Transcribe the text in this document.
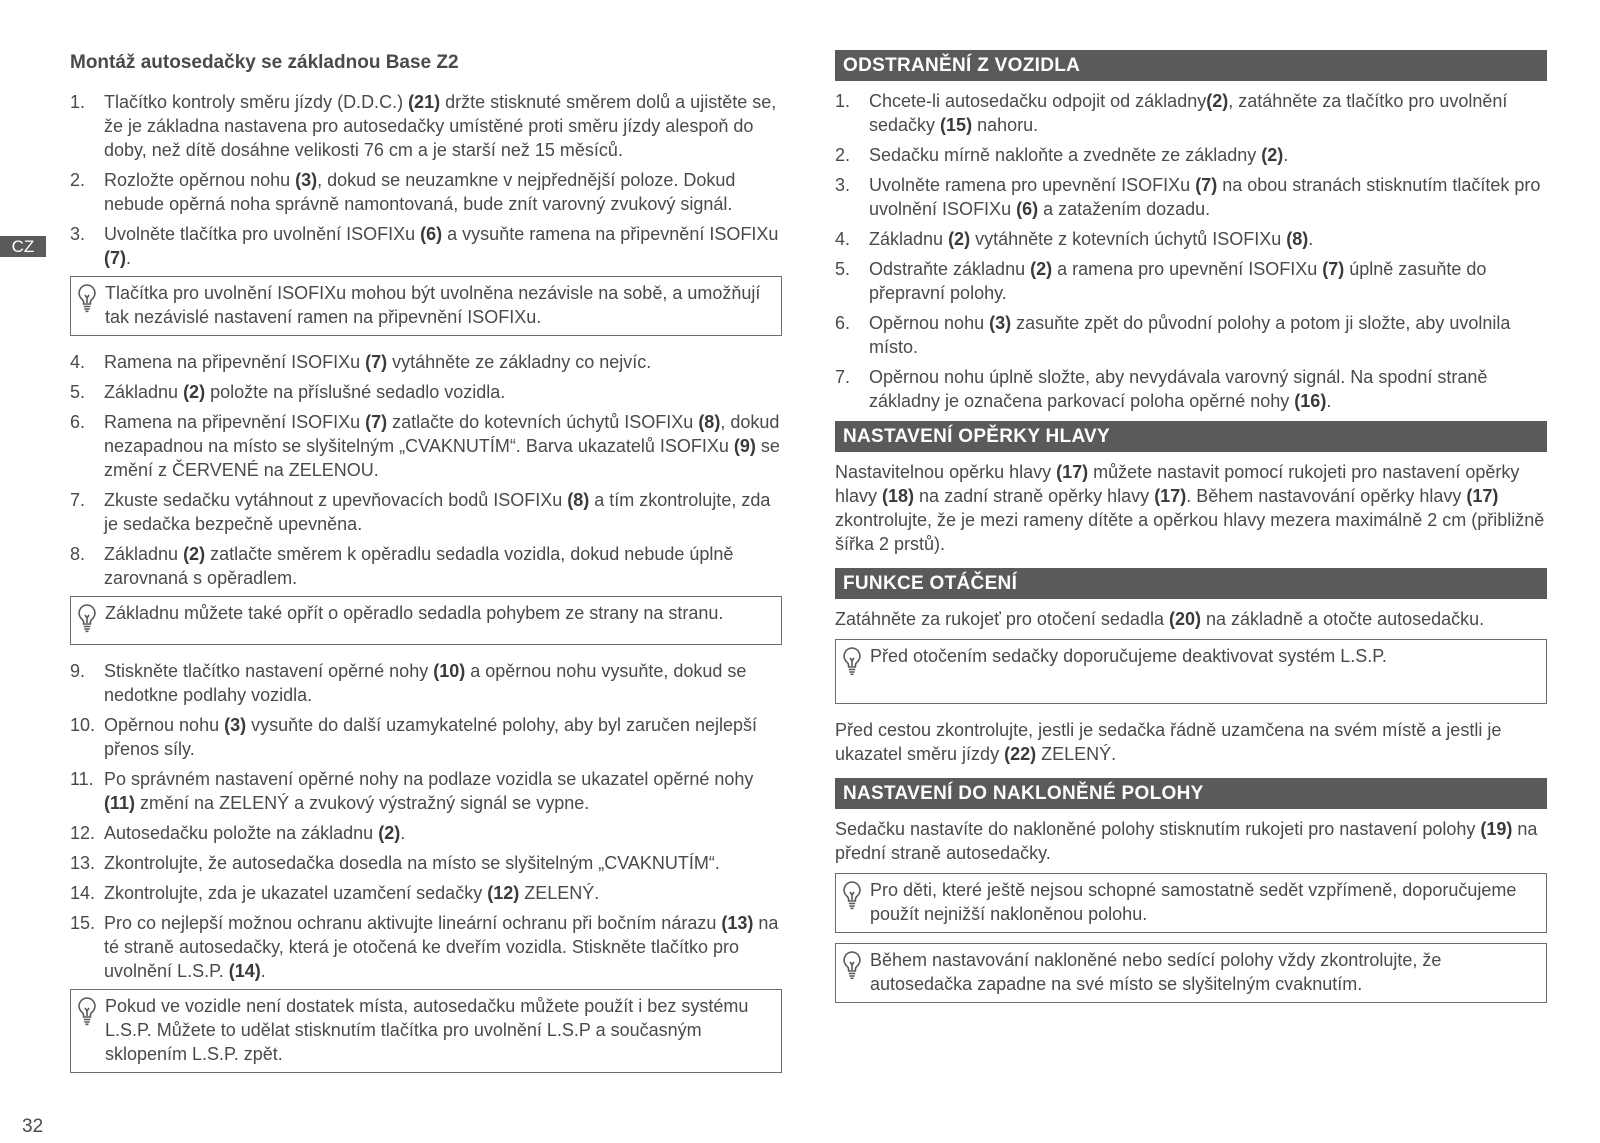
CZ
Montáž autosedačky se základnou Base Z2
1.	Tlačítko kontroly směru jízdy (D.D.C.) (21) držte stisknuté směrem dolů a ujistěte se, že je základna nastavena pro autosedačky umístěné proti směru jízdy alespoň do doby, než dítě dosáhne velikosti 76 cm a je starší než 15 měsíců.
2.	Rozložte opěrnou nohu (3), dokud se neuzamkne v nejpřednější poloze. Dokud nebude opěrná noha správně namontovaná, bude znít varovný zvukový signál.
3.	Uvolněte tlačítka pro uvolnění ISOFIXu (6) a vysuňte ramena na připevnění ISOFIXu (7).
Tlačítka pro uvolnění ISOFIXu mohou být uvolněna nezávisle na sobě, a umožňují tak nezávislé nastavení ramen na připevnění ISOFIXu.
4.	Ramena na připevnění ISOFIXu (7) vytáhněte ze základny co nejvíc.
5.	Základnu (2) položte na příslušné sedadlo vozidla.
6.	Ramena na připevnění ISOFIXu (7) zatlačte do kotevních úchytů ISOFIXu (8), dokud nezapadnou na místo se slyšitelným „CVAKNUTÍM“. Barva ukazatelů ISOFIXu (9) se změní z ČERVENÉ na ZELENOU.
7.	Zkuste sedačku vytáhnout z upevňovacích bodů ISOFIXu (8) a tím zkontrolujte, zda je sedačka bezpečně upevněna.
8.	Základnu (2) zatlačte směrem k opěradlu sedadla vozidla, dokud nebude úplně zarovnaná s opěradlem.
Základnu můžete také opřít o opěradlo sedadla pohybem ze strany na stranu.
9.	Stiskněte tlačítko nastavení opěrné nohy (10) a opěrnou nohu vysuňte, dokud se nedotkne podlahy vozidla.
10. Opěrnou nohu (3) vysuňte do další uzamykatelné polohy, aby byl zaručen nejlepší přenos síly.
11. Po správném nastavení opěrné nohy na podlaze vozidla se ukazatel opěrné nohy (11) změní na ZELENÝ a zvukový výstražný signál se vypne.
12. Autosedačku položte na základnu (2).
13. Zkontrolujte, že autosedačka dosedla na místo se slyšitelným „CVAKNUTÍM“.
14. Zkontrolujte, zda je ukazatel uzamčení sedačky (12) ZELENÝ.
15. Pro co nejlepší možnou ochranu aktivujte lineární ochranu při bočním nárazu (13) na té straně autosedačky, která je otočená ke dveřím vozidla. Stiskněte tlačítko pro uvolnění L.S.P. (14).
Pokud ve vozidle není dostatek místa, autosedačku můžete použít i bez systému L.S.P. Můžete to udělat stisknutím tlačítka pro uvolnění L.S.P a současným sklopením L.S.P. zpět.
ODSTRANĚNÍ Z VOZIDLA
1.	Chcete-li autosedačku odpojit od základny(2), zatáhněte za tlačítko pro uvolnění sedačky (15) nahoru.
2.	Sedačku mírně nakloňte a zvedněte ze základny (2).
3.	Uvolněte ramena pro upevnění ISOFIXu (7) na obou stranách stisknutím tlačítek pro uvolnění ISOFIXu (6) a zatažením dozadu.
4.	Základnu (2) vytáhněte z kotevních úchytů ISOFIXu (8).
5.	Odstraňte základnu (2) a ramena pro upevnění ISOFIXu (7) úplně zasuňte do přepravní polohy.
6.	Opěrnou nohu (3) zasuňte zpět do původní polohy a potom ji složte, aby uvolnila místo.
7.	Opěrnou nohu úplně složte, aby nevydávala varovný signál. Na spodní straně základny je označena parkovací poloha opěrné nohy (16).
NASTAVENÍ OPĚRKY HLAVY
Nastavitelnou opěrku hlavy (17) můžete nastavit pomocí rukojeti pro nastavení opěrky hlavy (18) na zadní straně opěrky hlavy (17). Během nastavování opěrky hlavy (17) zkontrolujte, že je mezi rameny dítěte a opěrkou hlavy mezera maximálně 2 cm (přibližně šířka 2 prstů).
FUNKCE OTÁČENÍ
Zatáhněte za rukojeť pro otočení sedadla (20) na základně a otočte autosedačku.
Před otočením sedačky doporučujeme deaktivovat systém L.S.P.
Před cestou zkontrolujte, jestli je sedačka řádně uzamčena na svém místě a jestli je ukazatel směru jízdy (22) ZELENÝ.
NASTAVENÍ DO NAKLONĚNÉ POLOHY
Sedačku nastavíte do nakloněné polohy stisknutím rukojeti pro nastavení polohy (19) na přední straně autosedačky.
Pro děti, které ještě nejsou schopné samostatně sedět vzpřímeně, doporučujeme použít nejnižší nakloněnou polohu.
Během nastavování nakloněné nebo sedící polohy vždy zkontrolujte, že autosedačka zapadne na své místo se slyšitelným cvaknutím.
32
